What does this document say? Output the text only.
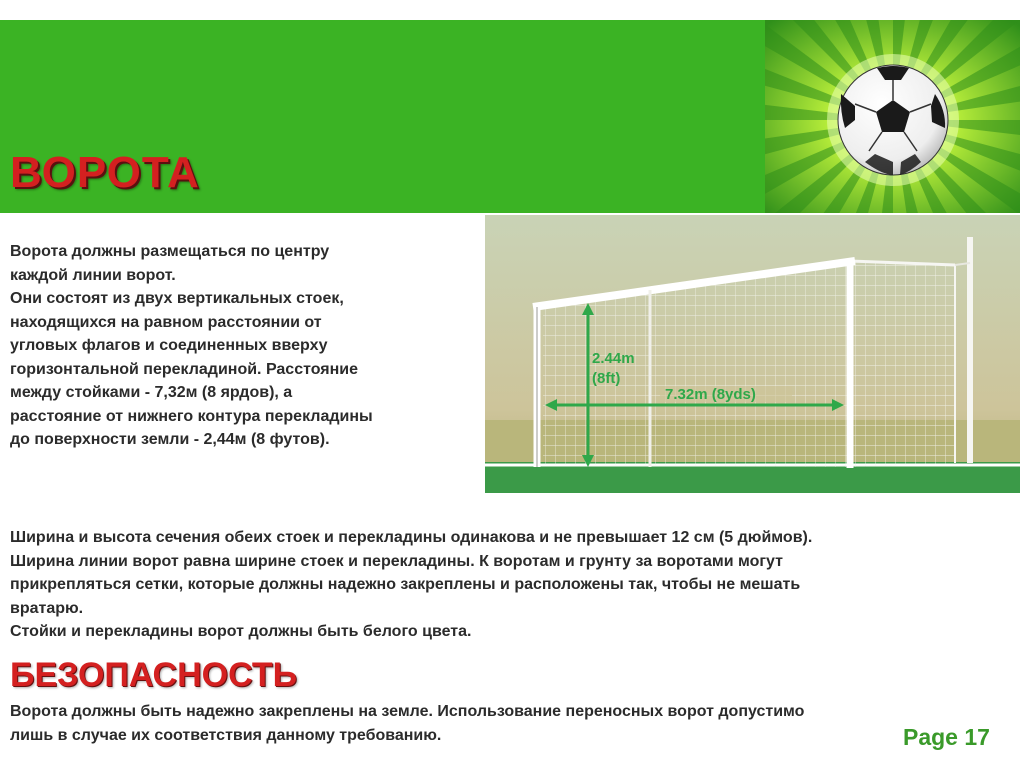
ВОРОТА
Ворота должны размещаться по центру
каждой линии ворот.
Они состоят из двух вертикальных стоек,
находящихся на равном расстоянии от
угловых флагов и соединенных вверху
горизонтальной перекладиной. Расстояние
между стойками - 7,32м (8 ярдов), а
расстояние от нижнего контура перекладины
до поверхности земли - 2,44м (8 футов).
2.44m
(8ft)
7.32m (8yds)
Ширина и высота сечения обеих стоек и перекладины одинакова и не превышает 12 см (5 дюймов).
Ширина линии ворот равна ширине стоек и перекладины. К воротам и грунту за воротами могут
прикрепляться сетки, которые должны надежно закреплены и расположены так, чтобы не мешать
вратарю.
Стойки и перекладины ворот должны быть белого цвета.
БЕЗОПАСНОСТЬ
Ворота должны быть надежно закреплены на земле. Использование переносных ворот допустимо
лишь в случае их соответствия данному требованию.	Page 17
